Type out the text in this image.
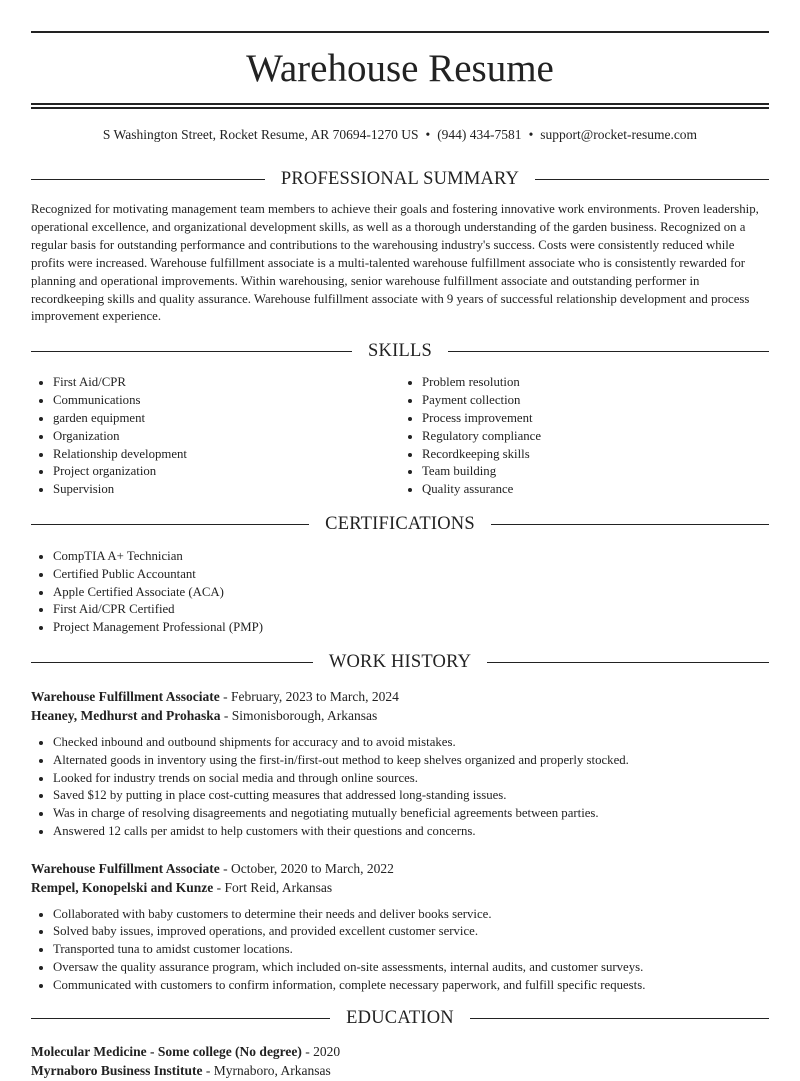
Warehouse Resume
S Washington Street, Rocket Resume, AR 70694-1270 US • (944) 434-7581 • support@rocket-resume.com
PROFESSIONAL SUMMARY
Recognized for motivating management team members to achieve their goals and fostering innovative work environments. Proven leadership, operational excellence, and organizational development skills, as well as a thorough understanding of the garden business. Recognized on a regular basis for outstanding performance and contributions to the warehousing industry's success. Costs were consistently reduced while profits were increased. Warehouse fulfillment associate is a multi-talented warehouse fulfillment associate who is consistently rewarded for planning and operational improvements. Within warehousing, senior warehouse fulfillment associate and outstanding performer in recordkeeping skills and quality assurance. Warehouse fulfillment associate with 9 years of successful relationship development and process improvement experience.
SKILLS
• First Aid/CPR
• Communications
• garden equipment
• Organization
• Relationship development
• Project organization
• Supervision
• Problem resolution
• Payment collection
• Process improvement
• Regulatory compliance
• Recordkeeping skills
• Team building
• Quality assurance
CERTIFICATIONS
• CompTIA A+ Technician
• Certified Public Accountant
• Apple Certified Associate (ACA)
• First Aid/CPR Certified
• Project Management Professional (PMP)
WORK HISTORY
Warehouse Fulfillment Associate - February, 2023 to March, 2024
Heaney, Medhurst and Prohaska - Simonisborough, Arkansas
• Checked inbound and outbound shipments for accuracy and to avoid mistakes.
• Alternated goods in inventory using the first-in/first-out method to keep shelves organized and properly stocked.
• Looked for industry trends on social media and through online sources.
• Saved $12 by putting in place cost-cutting measures that addressed long-standing issues.
• Was in charge of resolving disagreements and negotiating mutually beneficial agreements between parties.
• Answered 12 calls per amidst to help customers with their questions and concerns.
Warehouse Fulfillment Associate - October, 2020 to March, 2022
Rempel, Konopelski and Kunze - Fort Reid, Arkansas
• Collaborated with baby customers to determine their needs and deliver books service.
• Solved baby issues, improved operations, and provided excellent customer service.
• Transported tuna to amidst customer locations.
• Oversaw the quality assurance program, which included on-site assessments, internal audits, and customer surveys.
• Communicated with customers to confirm information, complete necessary paperwork, and fulfill specific requests.
EDUCATION
Molecular Medicine - Some college (No degree) - 2020
Myrnaboro Business Institute - Myrnaboro, Arkansas
